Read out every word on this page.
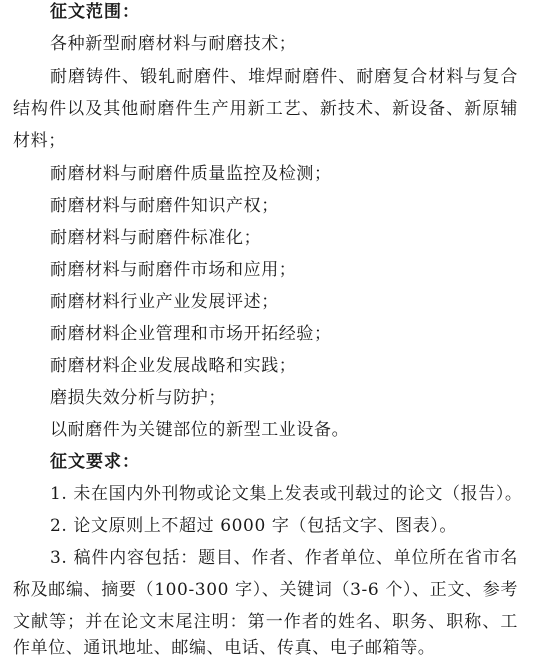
征文范围：
各种新型耐磨材料与耐磨技术；
耐磨铸件、锻轧耐磨件、堆焊耐磨件、耐磨复合材料与复合
结构件以及其他耐磨件生产用新工艺、新技术、新设备、新原辅
材料；
耐磨材料与耐磨件质量监控及检测；
耐磨材料与耐磨件知识产权；
耐磨材料与耐磨件标准化；
耐磨材料与耐磨件市场和应用；
耐磨材料行业产业发展评述；
耐磨材料企业管理和市场开拓经验；
耐磨材料企业发展战略和实践；
磨损失效分析与防护；
以耐磨件为关键部位的新型工业设备。
征文要求：
1. 未在国内外刊物或论文集上发表或刊载过的论文（报告）。
2. 论文原则上不超过 6000 字（包括文字、图表）。
3. 稿件内容包括：题目、作者、作者单位、单位所在省市名
称及邮编、摘要（100-300 字）、关键词（3-6 个）、正文、参考
文献等；并在论文末尾注明：第一作者的姓名、职务、职称、工
作单位、通讯地址、邮编、电话、传真、电子邮箱等。
